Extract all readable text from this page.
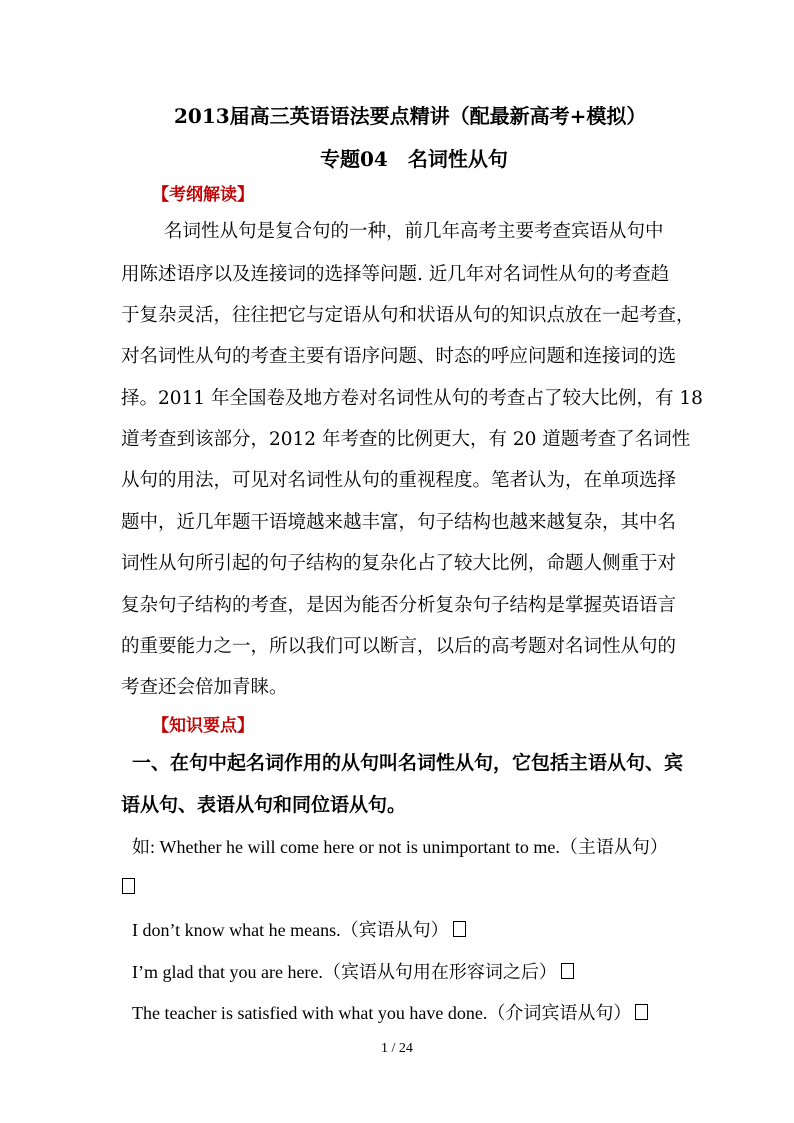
2013届高三英语语法要点精讲（配最新高考+模拟）
专题04　名词性从句
【考纲解读】
名词性从句是复合句的一种，前几年高考主要考查宾语从句中
用陈述语序以及连接词的选择等问题. 近几年对名词性从句的考查趋
于复杂灵活，往往把它与定语从句和状语从句的知识点放在一起考查，
对名词性从句的考查主要有语序问题、时态的呼应问题和连接词的选
择。2011 年全国卷及地方卷对名词性从句的考查占了较大比例，有 18
道考查到该部分，2012 年考查的比例更大，有 20 道题考查了名词性
从句的用法，可见对名词性从句的重视程度。笔者认为，在单项选择
题中，近几年题干语境越来越丰富，句子结构也越来越复杂，其中名
词性从句所引起的句子结构的复杂化占了较大比例，命题人侧重于对
复杂句子结构的考查，是因为能否分析复杂句子结构是掌握英语语言
的重要能力之一，所以我们可以断言，以后的高考题对名词性从句的
考查还会倍加青睐。
【知识要点】
一、在句中起名词作用的从句叫名词性从句，它包括主语从句、宾
语从句、表语从句和同位语从句。
如: Whether he will come here or not is unimportant to me.（主语从句）
I don’t know what he means.（宾语从句）
I’m glad that you are here.（宾语从句用在形容词之后）
The teacher is satisfied with what you have done.（介词宾语从句）
1 / 24
